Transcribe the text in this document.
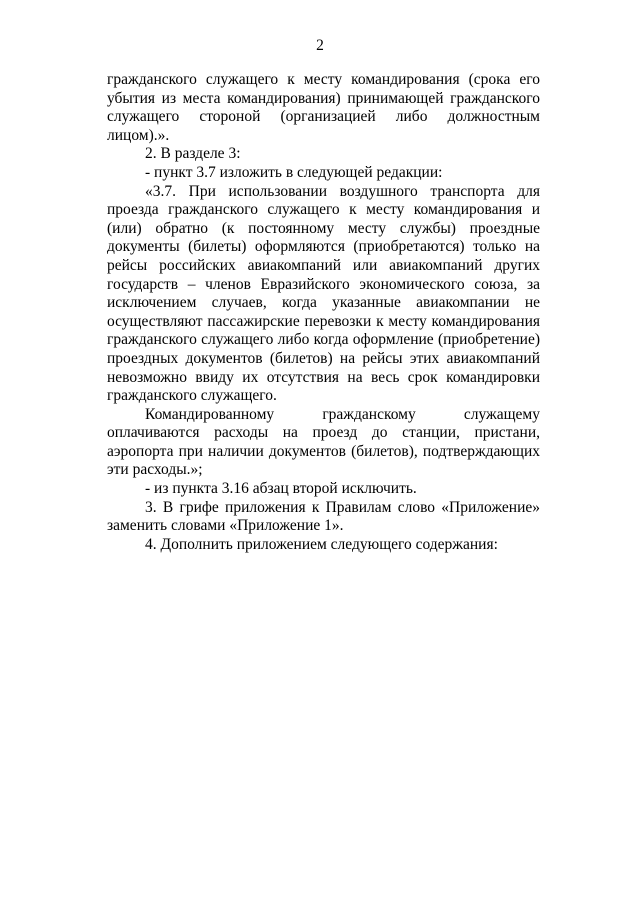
2

гражданского служащего к месту командирования (срока его убытия из места командирования) принимающей гражданского служащего стороной (организацией либо должностным лицом).».

2. В разделе 3:

- пункт 3.7 изложить в следующей редакции:

«3.7. При использовании воздушного транспорта для проезда гражданского служащего к месту командирования и (или) обратно (к постоянному месту службы) проездные документы (билеты) оформляются (приобретаются) только на рейсы российских авиакомпаний или авиакомпаний других государств – членов Евразийского экономического союза, за исключением случаев, когда указанные авиакомпании не осуществляют пассажирские перевозки к месту командирования гражданского служащего либо когда оформление (приобретение) проездных документов (билетов) на рейсы этих авиакомпаний невозможно ввиду их отсутствия на весь срок командировки гражданского служащего.

Командированному гражданскому служащему оплачиваются расходы на проезд до станции, пристани, аэропорта при наличии документов (билетов), подтверждающих эти расходы.»;

- из пункта 3.16 абзац второй исключить.

3. В грифе приложения к Правилам слово «Приложение» заменить словами «Приложение 1».

4. Дополнить приложением следующего содержания:
